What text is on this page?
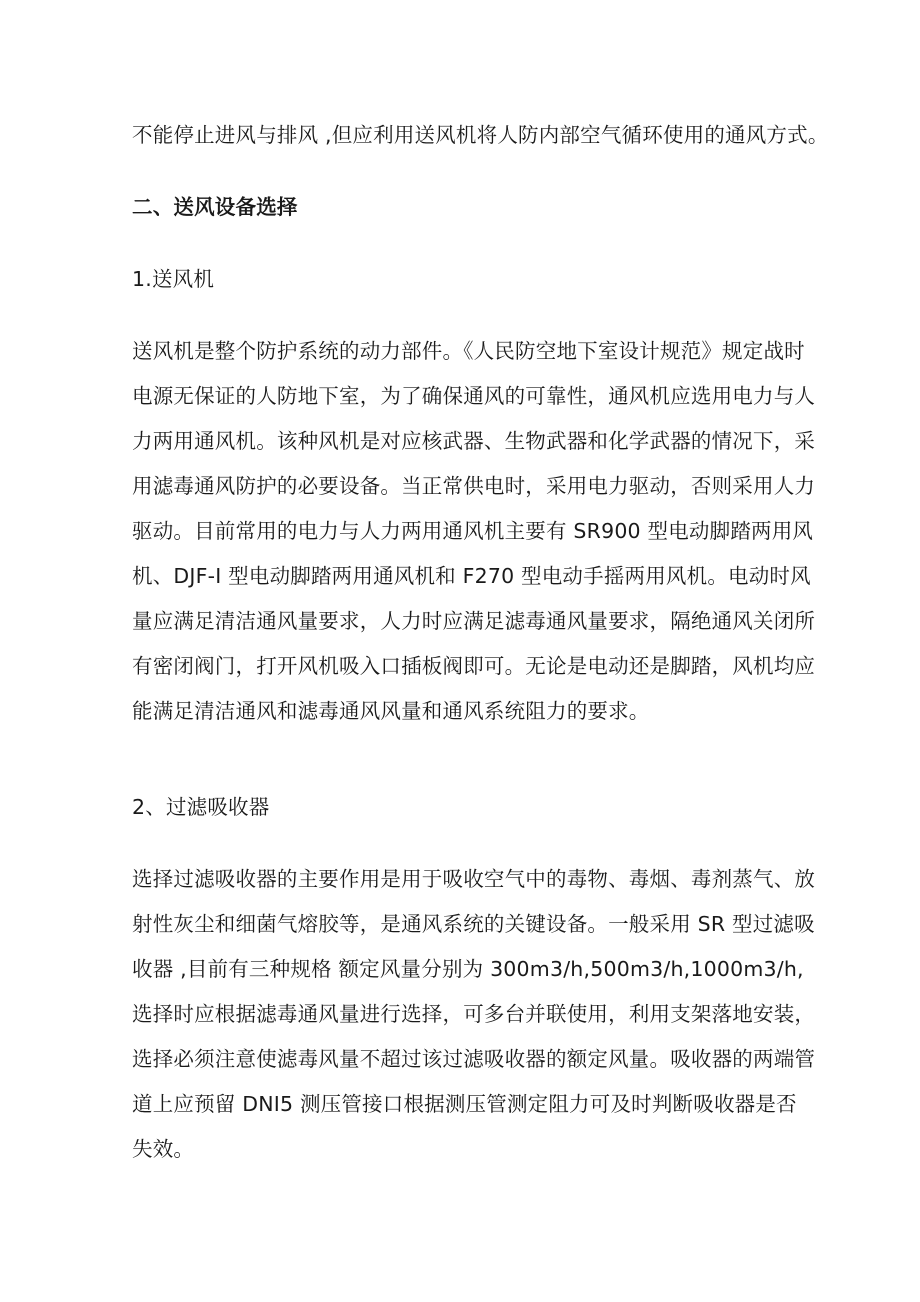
不能停止进风与排风 ,但应利用送风机将人防内部空气循环使用的通风方式。

二、送风设备选择

1.送风机

送风机是整个防护系统的动力部件。《人民防空地下室设计规范》规定战时

电源无保证的人防地下室，为了确保通风的可靠性，通风机应选用电力与人

力两用通风机。该种风机是对应核武器、生物武器和化学武器的情况下，采

用滤毒通风防护的必要设备。当正常供电时，采用电力驱动，否则采用人力

驱动。目前常用的电力与人力两用通风机主要有 SR900 型电动脚踏两用风

机、DJF-I 型电动脚踏两用通风机和 F270 型电动手摇两用风机。电动时风

量应满足清洁通风量要求，人力时应满足滤毒通风量要求，隔绝通风关闭所

有密闭阀门，打开风机吸入口插板阀即可。无论是电动还是脚踏，风机均应

能满足清洁通风和滤毒通风风量和通风系统阻力的要求。

2、过滤吸收器

选择过滤吸收器的主要作用是用于吸收空气中的毒物、毒烟、毒剂蒸气、放

射性灰尘和细菌气熔胶等，是通风系统的关键设备。一般采用 SR 型过滤吸

收器 ,目前有三种规格 额定风量分别为 300m3/h,500m3/h,1000m3/h,

选择时应根据滤毒通风量进行选择，可多台并联使用，利用支架落地安装，

选择必须注意使滤毒风量不超过该过滤吸收器的额定风量。吸收器的两端管

道上应预留 DNI5 测压管接口根据测压管测定阻力可及时判断吸收器是否

失效。
